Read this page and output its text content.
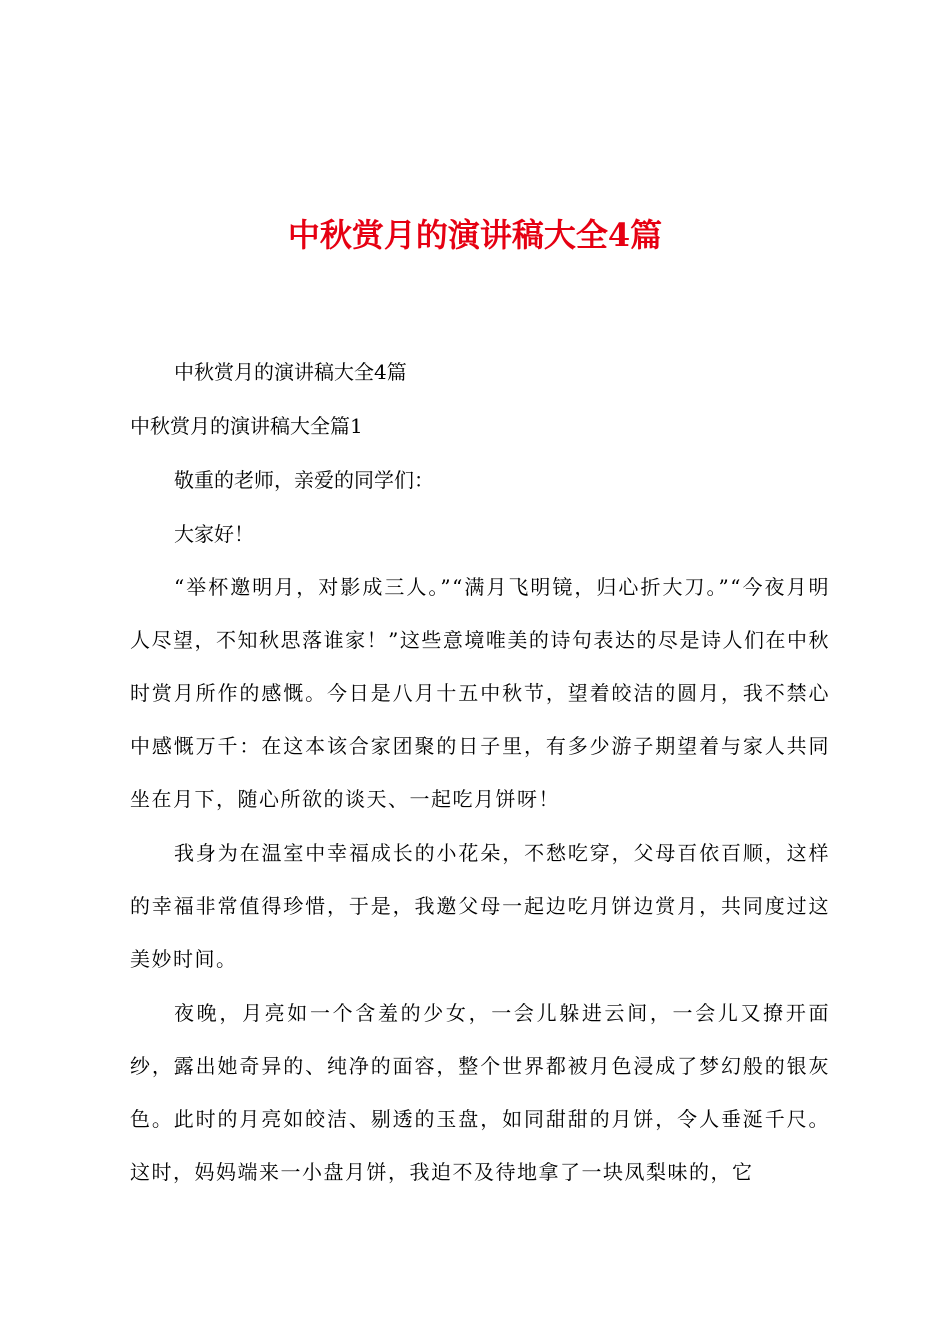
中秋赏月的演讲稿大全4篇

中秋赏月的演讲稿大全4篇

中秋赏月的演讲稿大全篇1

敬重的老师，亲爱的同学们：

大家好！

“举杯邀明月，对影成三人。”“满月飞明镜，归心折大刀。”“今夜月明人尽望，不知秋思落谁家！”这些意境唯美的诗句表达的尽是诗人们在中秋时赏月所作的感慨。今日是八月十五中秋节，望着皎洁的圆月，我不禁心中感慨万千：在这本该合家团聚的日子里，有多少游子期望着与家人共同坐在月下，随心所欲的谈天、一起吃月饼呀！

我身为在温室中幸福成长的小花朵，不愁吃穿，父母百依百顺，这样的幸福非常值得珍惜，于是，我邀父母一起边吃月饼边赏月，共同度过这美妙时间。

夜晚，月亮如一个含羞的少女，一会儿躲进云间，一会儿又撩开面纱，露出她奇异的、纯净的面容，整个世界都被月色浸成了梦幻般的银灰色。此时的月亮如皎洁、剔透的玉盘，如同甜甜的月饼，令人垂涎千尺。这时，妈妈端来一小盘月饼，我迫不及待地拿了一块凤梨味的，它
